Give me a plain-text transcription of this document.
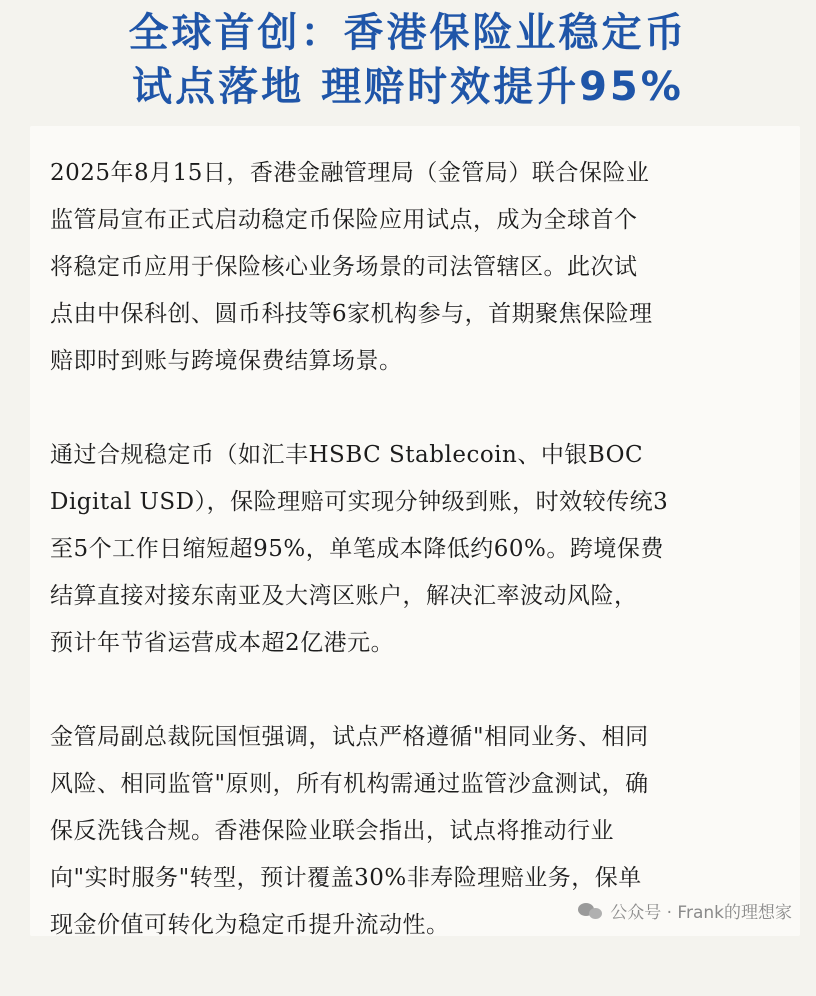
全球首创：香港保险业稳定币
试点落地 理赔时效提升95%

2025年8月15日，香港金融管理局（金管局）联合保险业
监管局宣布正式启动稳定币保险应用试点，成为全球首个
将稳定币应用于保险核心业务场景的司法管辖区。此次试
点由中保科创、圆币科技等6家机构参与，首期聚焦保险理
赔即时到账与跨境保费结算场景。

通过合规稳定币（如汇丰HSBC Stablecoin、中银BOC
Digital USD），保险理赔可实现分钟级到账，时效较传统3
至5个工作日缩短超95%，单笔成本降低约60%。跨境保费
结算直接对接东南亚及大湾区账户，解决汇率波动风险，
预计年节省运营成本超2亿港元。

金管局副总裁阮国恒强调，试点严格遵循"相同业务、相同
风险、相同监管"原则，所有机构需通过监管沙盒测试，确
保反洗钱合规。香港保险业联会指出，试点将推动行业
向"实时服务"转型，预计覆盖30%非寿险理赔业务，保单
现金价值可转化为稳定币提升流动性。	公众号 · Frank的理想家
